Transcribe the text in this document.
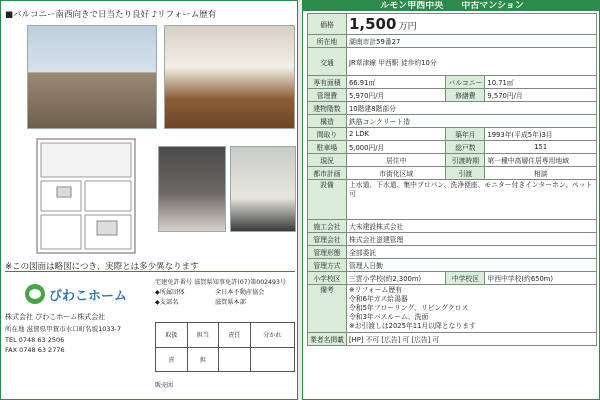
■バルコニー南西向きで日当たり良好 ♪リフォーム歴有
※この図面は略図につき、実際とは多少異なります
びわこホーム
宅建免許番号 滋賀県知事免許(07)第002493号
◆所属団体
◆支部名
全日本不動産協会
滋賀県本部
株式会社 びわこホーム株式会社
所在地 滋賀県甲賀市水口町名坂1033-7
TEL 0748 63 2506
FAX 0748 63 2776
取扱	担当	責任	分かれ
責	担		
販売図
ルモン甲西中央　　中古マンション
価格	1,500 万円		
所在地	湖南市計59番27		
交通	JR草津線 甲西駅 徒歩約10分		
専有面積	66.91㎡	バルコニー	10.71㎡
管理費	5,970円/月	修繕費	9,570円/月
建物階数	10階建8階部分		
構造	鉄筋コンクリート造		
間取り	2 LDK	築年月	1993年(平成5年)3月
駐車場	5,000円/月	総戸数	151
現況	居住中	引渡時期	第一種中高層住居専用地域
都市計画	市街化区域	引渡	相談
設備	上水道、下水道、集中プロパン、洗浄便座、モニター付きインターホン、ペット可		
施工会社	大末建設株式会社		
管理会社	株式会社滋建管理		
管理形態	全部委託		
管理方式	管理人日勤		
小学校区	三雲小学校(約2,300m)	中学校区	甲西中学校(約650m)
備考	※リフォーム歴有
令和6年ガス給湯器
令和5年フローリング、リビングクロス
令和3年バスルーム、洗面
※お引渡しは2025年11月以降となります		
業者名掲載	[HP] 不可 [広告] 可 [広告] 可		
